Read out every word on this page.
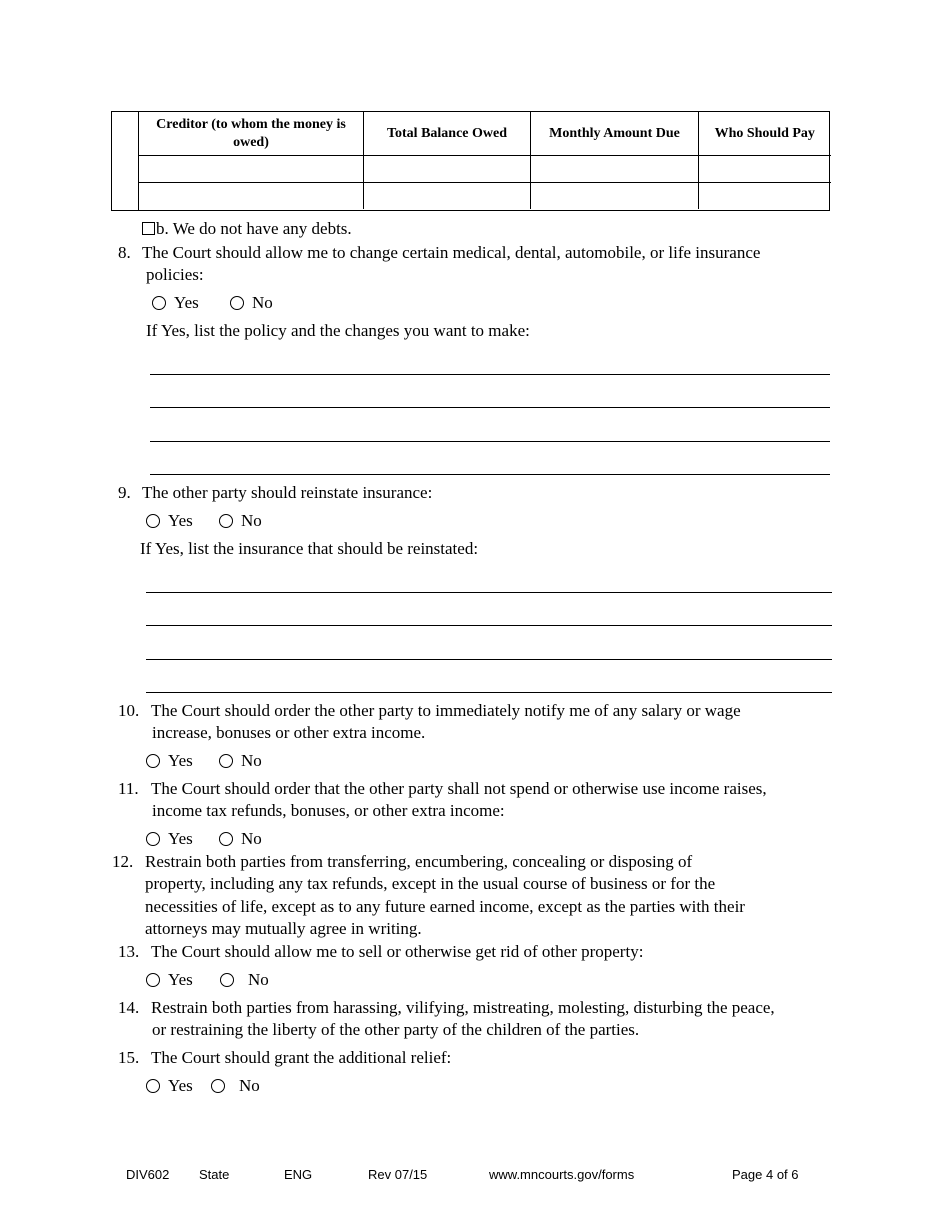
Creditor (to whom the money is owed)	Total Balance Owed	Monthly Amount Due	Who Should Pay

b. We do not have any debts.
8. The Court should allow me to change certain medical, dental, automobile, or life insurance
policies:
Yes	No
If Yes, list the policy and the changes you want to make:
9. The other party should reinstate insurance:
Yes	No
If Yes, list the insurance that should be reinstated:
10. The Court should order the other party to immediately notify me of any salary or wage
increase, bonuses or other extra income.
Yes	No
11. The Court should order that the other party shall not spend or otherwise use income raises,
income tax refunds, bonuses, or other extra income:
Yes	No
12. Restrain both parties from transferring, encumbering, concealing or disposing of
property, including any tax refunds, except in the usual course of business or for the
necessities of life, except as to any future earned income, except as the parties with their
attorneys may mutually agree in writing.
13. The Court should allow me to sell or otherwise get rid of other property:
Yes	No
14. Restrain both parties from harassing, vilifying, mistreating, molesting, disturbing the peace,
or restraining the liberty of the other party of the children of the parties.
15. The Court should grant the additional relief:
Yes	No
DIV602 State	ENG	Rev 07/15	www.mncourts.gov/forms	Page 4 of 6
